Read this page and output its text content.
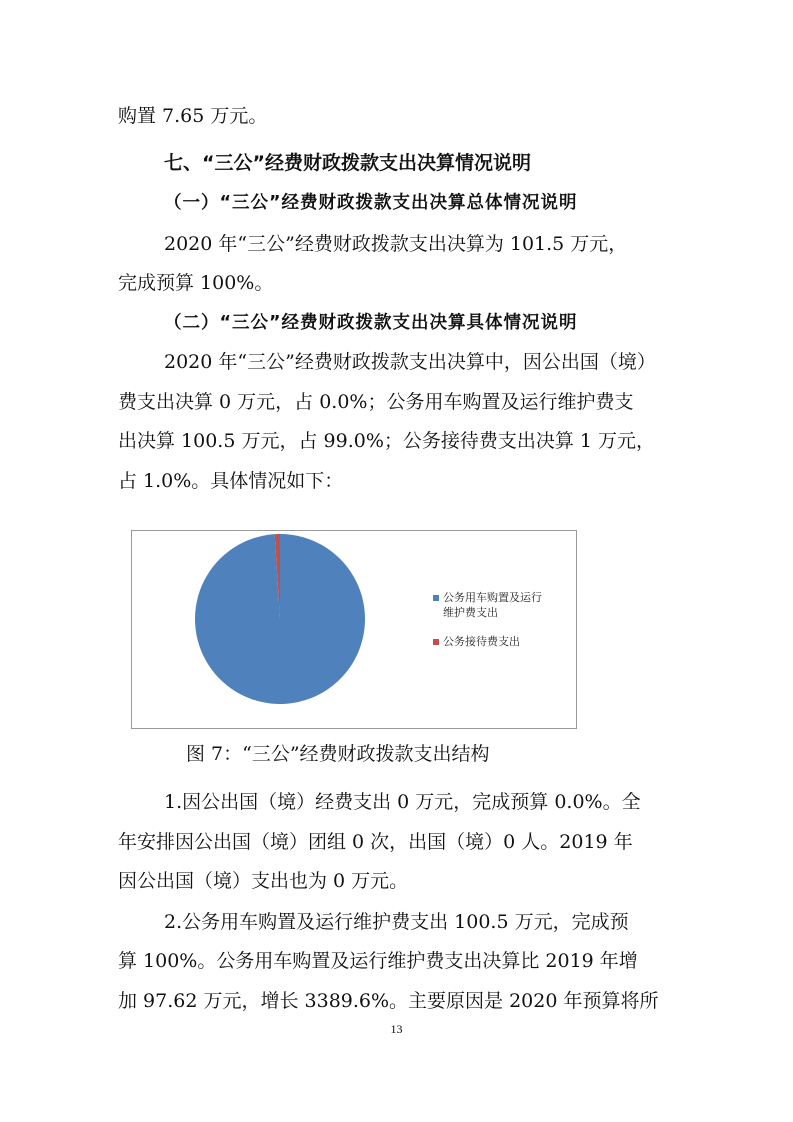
购置 7.65 万元。
七、“三公”经费财政拨款支出决算情况说明
（一）“三公”经费财政拨款支出决算总体情况说明
2020 年“三公”经费财政拨款支出决算为 101.5 万元，
完成预算 100%。
（二）“三公”经费财政拨款支出决算具体情况说明
2020 年“三公”经费财政拨款支出决算中，因公出国（境）
费支出决算 0 万元，占 0.0%；公务用车购置及运行维护费支
出决算 100.5 万元，占 99.0%；公务接待费支出决算 1 万元，
占 1.0%。具体情况如下：
公务用车购置及运行
维护费支出
公务接待费支出
图 7：“三公”经费财政拨款支出结构
1.因公出国（境）经费支出 0 万元，完成预算 0.0%。全
年安排因公出国（境）团组 0 次，出国（境）0 人。2019 年
因公出国（境）支出也为 0 万元。
2.公务用车购置及运行维护费支出 100.5 万元，完成预
算 100%。公务用车购置及运行维护费支出决算比 2019 年增
加 97.62 万元，增长 3389.6%。主要原因是 2020 年预算将所
13
